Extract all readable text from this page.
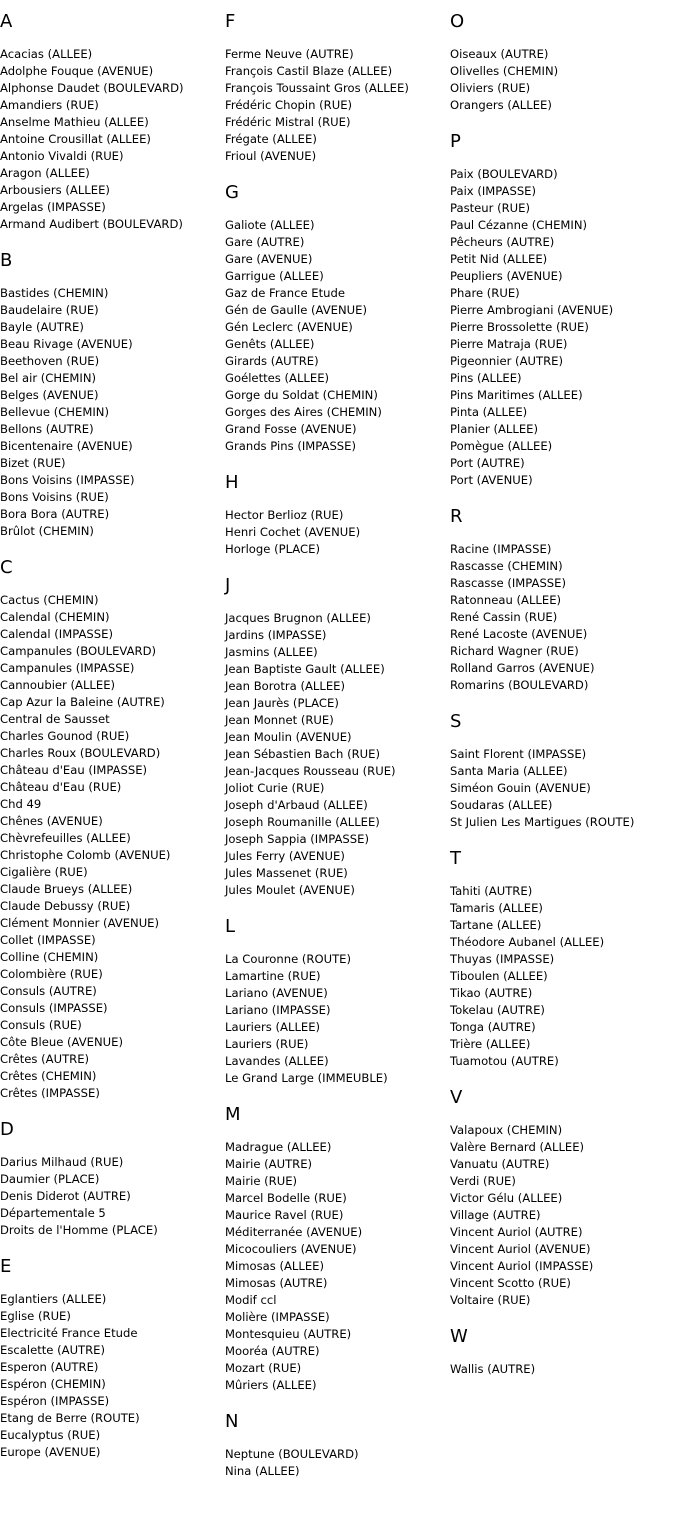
A
Acacias (ALLEE)
Adolphe Fouque (AVENUE)
Alphonse Daudet (BOULEVARD)
Amandiers (RUE)
Anselme Mathieu (ALLEE)
Antoine Crousillat (ALLEE)
Antonio Vivaldi (RUE)
Aragon (ALLEE)
Arbousiers (ALLEE)
Argelas (IMPASSE)
Armand Audibert (BOULEVARD)
B
Bastides (CHEMIN)
Baudelaire (RUE)
Bayle (AUTRE)
Beau Rivage (AVENUE)
Beethoven (RUE)
Bel air (CHEMIN)
Belges (AVENUE)
Bellevue (CHEMIN)
Bellons (AUTRE)
Bicentenaire (AVENUE)
Bizet (RUE)
Bons Voisins (IMPASSE)
Bons Voisins (RUE)
Bora Bora (AUTRE)
Brûlot (CHEMIN)
C
Cactus (CHEMIN)
Calendal (CHEMIN)
Calendal (IMPASSE)
Campanules (BOULEVARD)
Campanules (IMPASSE)
Cannoubier (ALLEE)
Cap Azur la Baleine (AUTRE)
Central de Sausset
Charles Gounod (RUE)
Charles Roux (BOULEVARD)
Château d'Eau (IMPASSE)
Château d'Eau (RUE)
Chd 49
Chênes (AVENUE)
Chèvrefeuilles (ALLEE)
Christophe Colomb (AVENUE)
Cigalière (RUE)
Claude Brueys (ALLEE)
Claude Debussy (RUE)
Clément Monnier (AVENUE)
Collet (IMPASSE)
Colline (CHEMIN)
Colombière (RUE)
Consuls (AUTRE)
Consuls (IMPASSE)
Consuls (RUE)
Côte Bleue (AVENUE)
Crêtes (AUTRE)
Crêtes (CHEMIN)
Crêtes (IMPASSE)
D
Darius Milhaud (RUE)
Daumier (PLACE)
Denis Diderot (AUTRE)
Départementale 5
Droits de l'Homme (PLACE)
E
Eglantiers (ALLEE)
Eglise (RUE)
Electricité France Etude
Escalette (AUTRE)
Esperon (AUTRE)
Espéron (CHEMIN)
Espéron (IMPASSE)
Etang de Berre (ROUTE)
Eucalyptus (RUE)
Europe (AVENUE)
F
Ferme Neuve (AUTRE)
François Castil Blaze (ALLEE)
François Toussaint Gros (ALLEE)
Frédéric Chopin (RUE)
Frédéric Mistral (RUE)
Frégate (ALLEE)
Frioul (AVENUE)
G
Galiote (ALLEE)
Gare (AUTRE)
Gare (AVENUE)
Garrigue (ALLEE)
Gaz de France Etude
Gén de Gaulle (AVENUE)
Gén Leclerc (AVENUE)
Genêts (ALLEE)
Girards (AUTRE)
Goélettes (ALLEE)
Gorge du Soldat (CHEMIN)
Gorges des Aires (CHEMIN)
Grand Fosse (AVENUE)
Grands Pins (IMPASSE)
H
Hector Berlioz (RUE)
Henri Cochet (AVENUE)
Horloge (PLACE)
J
Jacques Brugnon (ALLEE)
Jardins (IMPASSE)
Jasmins (ALLEE)
Jean Baptiste Gault (ALLEE)
Jean Borotra (ALLEE)
Jean Jaurès (PLACE)
Jean Monnet (RUE)
Jean Moulin (AVENUE)
Jean Sébastien Bach (RUE)
Jean-Jacques Rousseau (RUE)
Joliot Curie (RUE)
Joseph d'Arbaud (ALLEE)
Joseph Roumanille (ALLEE)
Joseph Sappia (IMPASSE)
Jules Ferry (AVENUE)
Jules Massenet (RUE)
Jules Moulet (AVENUE)
L
La Couronne (ROUTE)
Lamartine (RUE)
Lariano (AVENUE)
Lariano (IMPASSE)
Lauriers (ALLEE)
Lauriers (RUE)
Lavandes (ALLEE)
Le Grand Large (IMMEUBLE)
M
Madrague (ALLEE)
Mairie (AUTRE)
Mairie (RUE)
Marcel Bodelle (RUE)
Maurice Ravel (RUE)
Méditerranée (AVENUE)
Micocouliers (AVENUE)
Mimosas (ALLEE)
Mimosas (AUTRE)
Modif ccl
Molière (IMPASSE)
Montesquieu (AUTRE)
Mooréa (AUTRE)
Mozart (RUE)
Mûriers (ALLEE)
N
Neptune (BOULEVARD)
Nina (ALLEE)
O
Oiseaux (AUTRE)
Olivelles (CHEMIN)
Oliviers (RUE)
Orangers (ALLEE)
P
Paix (BOULEVARD)
Paix (IMPASSE)
Pasteur (RUE)
Paul Cézanne (CHEMIN)
Pêcheurs (AUTRE)
Petit Nid (ALLEE)
Peupliers (AVENUE)
Phare (RUE)
Pierre Ambrogiani (AVENUE)
Pierre Brossolette (RUE)
Pierre Matraja (RUE)
Pigeonnier (AUTRE)
Pins (ALLEE)
Pins Maritimes (ALLEE)
Pinta (ALLEE)
Planier (ALLEE)
Pomègue (ALLEE)
Port (AUTRE)
Port (AVENUE)
R
Racine (IMPASSE)
Rascasse (CHEMIN)
Rascasse (IMPASSE)
Ratonneau (ALLEE)
René Cassin (RUE)
René Lacoste (AVENUE)
Richard Wagner (RUE)
Rolland Garros (AVENUE)
Romarins (BOULEVARD)
S
Saint Florent (IMPASSE)
Santa Maria (ALLEE)
Siméon Gouin (AVENUE)
Soudaras (ALLEE)
St Julien Les Martigues (ROUTE)
T
Tahiti (AUTRE)
Tamaris (ALLEE)
Tartane (ALLEE)
Théodore Aubanel (ALLEE)
Thuyas (IMPASSE)
Tiboulen (ALLEE)
Tikao (AUTRE)
Tokelau (AUTRE)
Tonga (AUTRE)
Trière (ALLEE)
Tuamotou (AUTRE)
V
Valapoux (CHEMIN)
Valère Bernard (ALLEE)
Vanuatu (AUTRE)
Verdi (RUE)
Victor Gélu (ALLEE)
Village (AUTRE)
Vincent Auriol (AUTRE)
Vincent Auriol (AVENUE)
Vincent Auriol (IMPASSE)
Vincent Scotto (RUE)
Voltaire (RUE)
W
Wallis (AUTRE)
